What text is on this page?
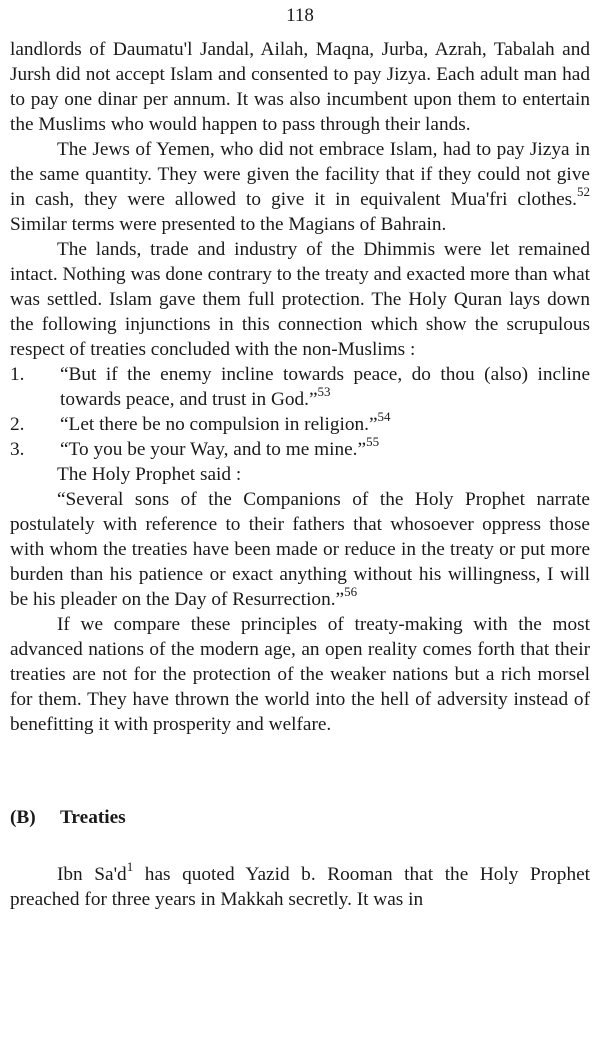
118

landlords of Daumatu'l Jandal, Ailah, Maqna, Jurba, Azrah, Tabalah and Jursh did not accept Islam and consented to pay Jizya. Each adult man had to pay one dinar per annum. It was also incumbent upon them to entertain the Muslims who would happen to pass through their lands.

The Jews of Yemen, who did not embrace Islam, had to pay Jizya in the same quantity. They were given the facility that if they could not give in cash, they were allowed to give it in equivalent Mua'fri clothes.$^{52}$ Similar terms were presented to the Magians of Bahrain.

The lands, trade and industry of the Dhimmis were let remained intact. Nothing was done contrary to the treaty and exacted more than what was settled. Islam gave them full protection. The Holy Quran lays down the following injunctions in this connection which show the scrupulous respect of treaties concluded with the non-Muslims :

1. “But if the enemy incline towards peace, do thou (also) incline towards peace, and trust in God.”$^{53}$
2. “Let there be no compulsion in religion.”$^{54}$
3. “To you be your Way, and to me mine.”$^{55}$

The Holy Prophet said :

“Several sons of the Companions of the Holy Prophet narrate postulately with reference to their fathers that whosoever oppress those with whom the treaties have been made or reduce in the treaty or put more burden than his patience or exact anything without his willingness, I will be his pleader on the Day of Resurrection.”$^{56}$

If we compare these principles of treaty-making with the most advanced nations of the modern age, an open reality comes forth that their treaties are not for the protection of the weaker nations but a rich morsel for them. They have thrown the world into the hell of adversity instead of benefitting it with prosperity and welfare.

(B) Treaties

Ibn $Sa'd^1$ has quoted Yazid b. Rooman that the Holy Prophet preached for three years in Makkah secretly. It was in
